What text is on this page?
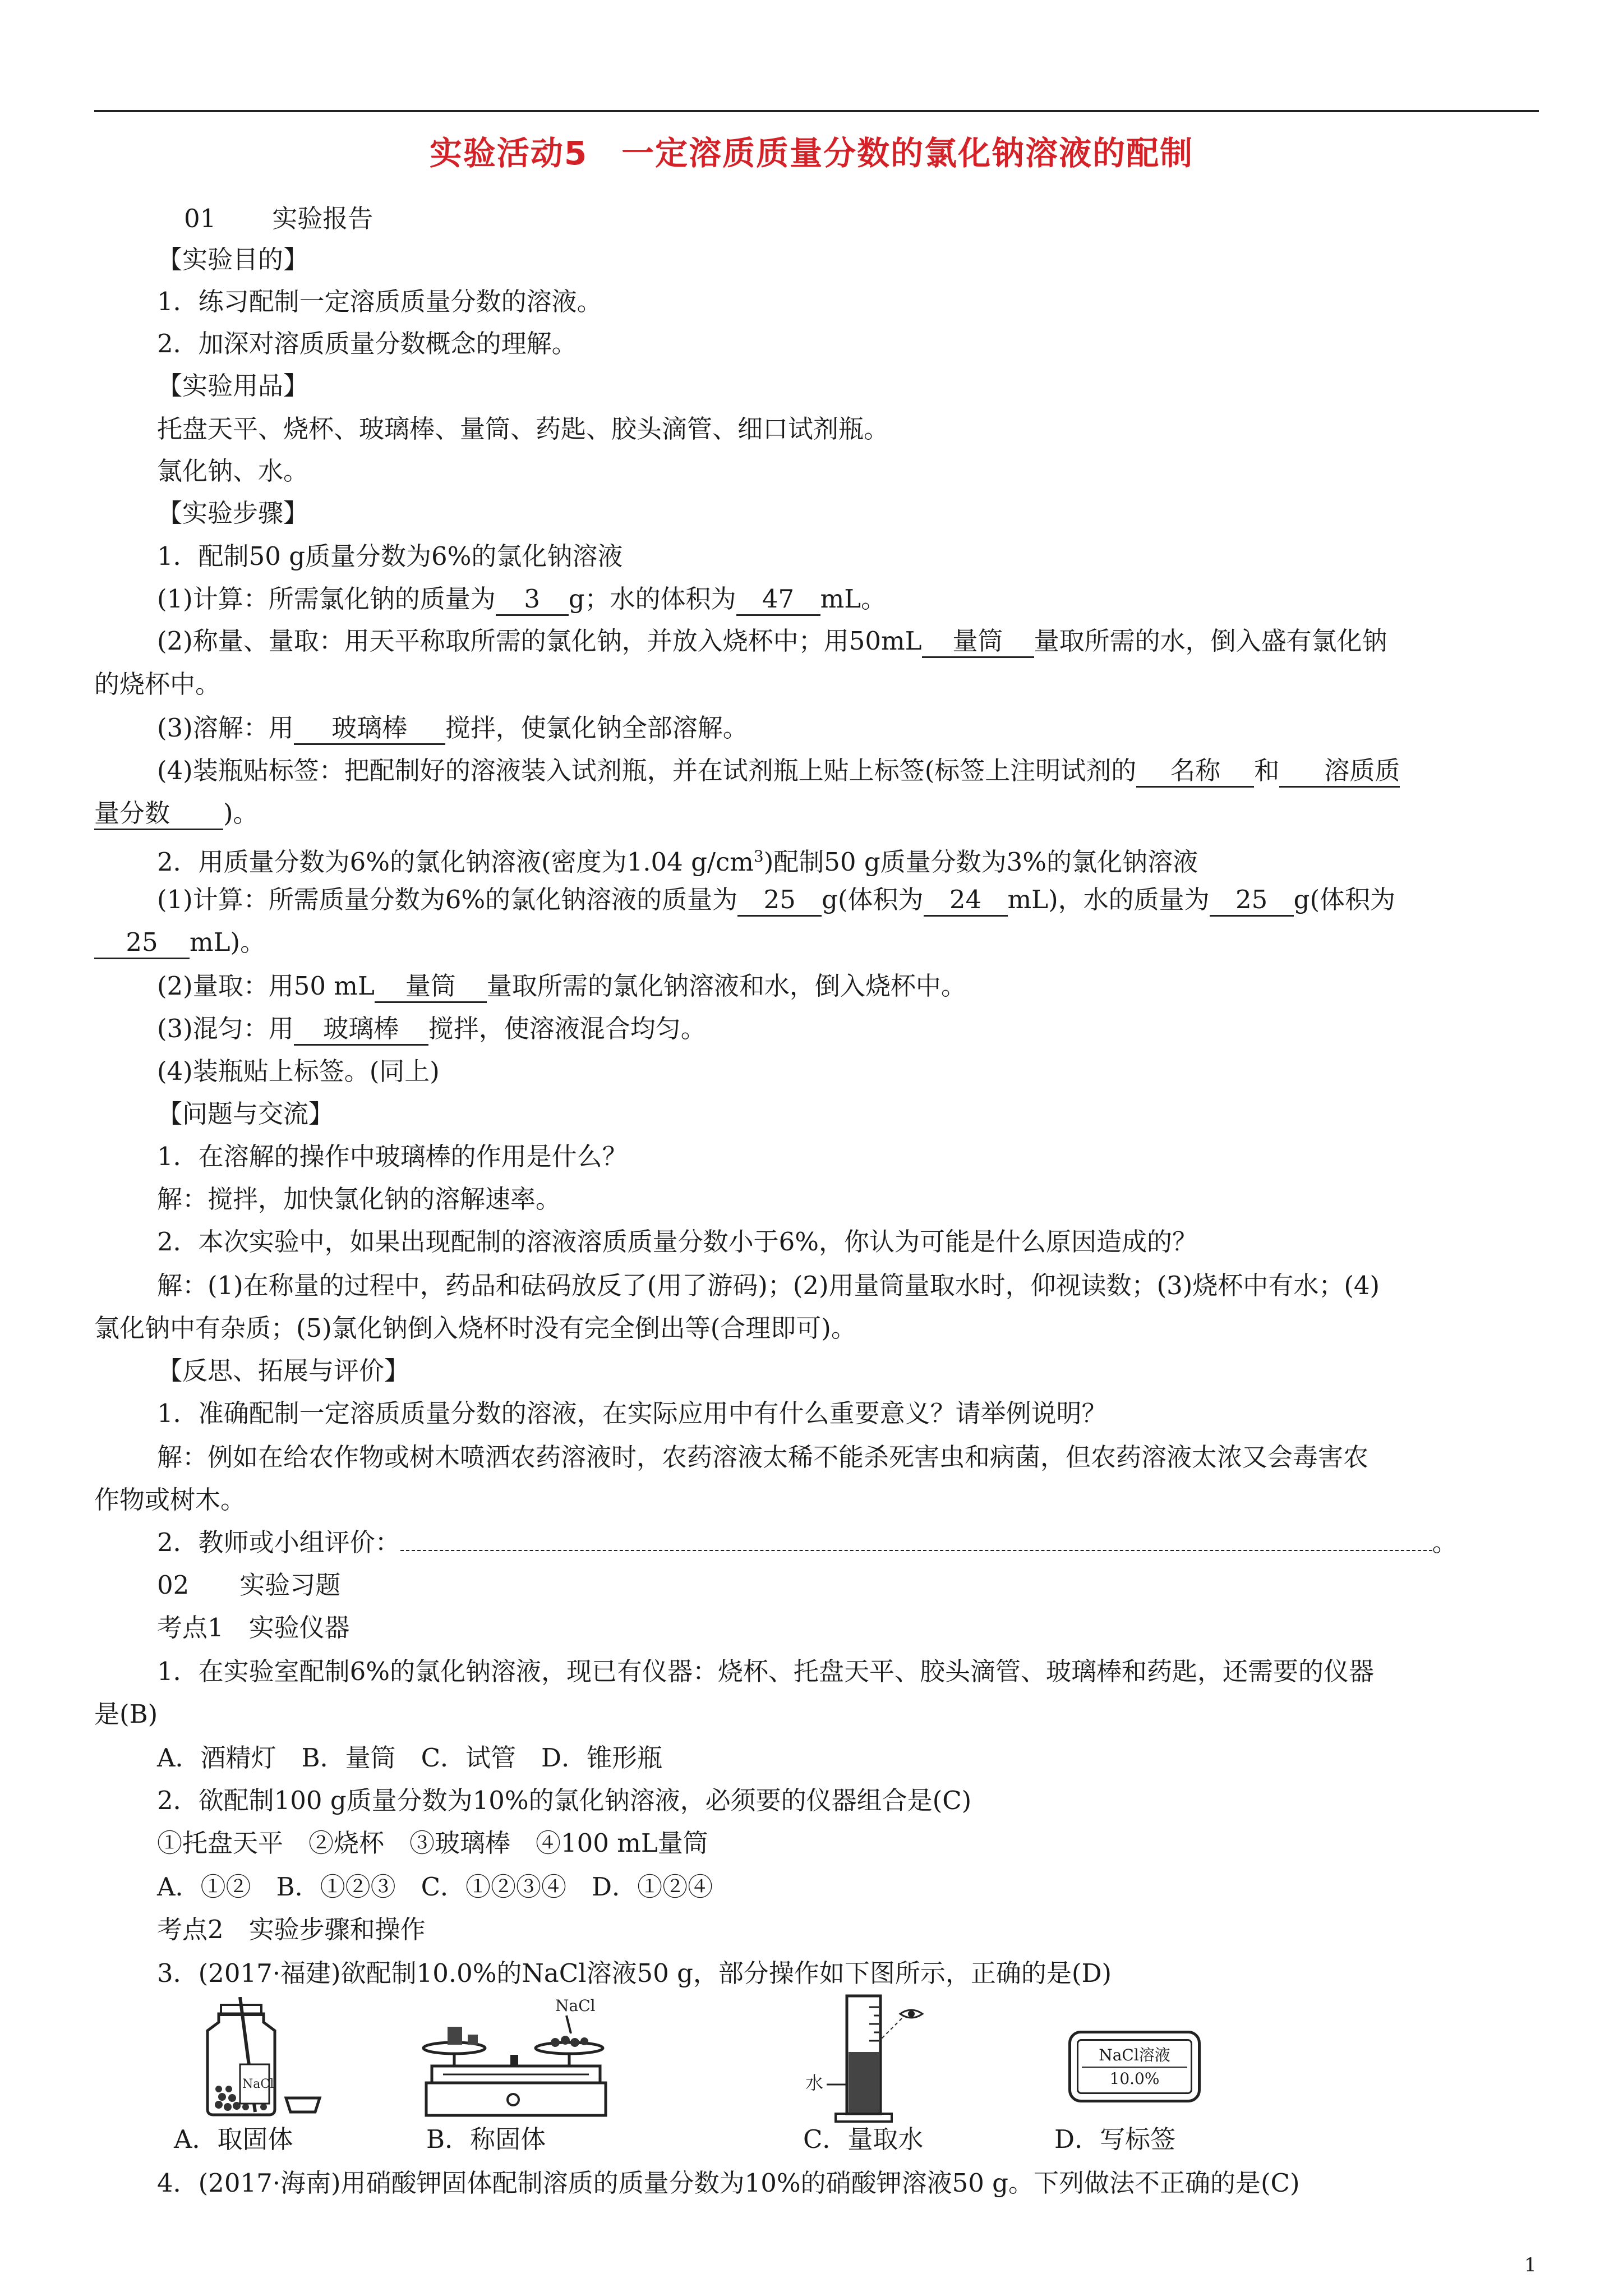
实验活动5　一定溶质质量分数的氯化钠溶液的配制
01 实验报告
【实验目的】
1．练习配制一定溶质质量分数的溶液。
2．加深对溶质质量分数概念的理解。
【实验用品】
托盘天平、烧杯、玻璃棒、量筒、药匙、胶头滴管、细口试剂瓶。
氯化钠、水。
【实验步骤】
1．配制50 g质量分数为6%的氯化钠溶液
(1)计算：所需氯化钠的质量为 3 g；水的体积为 47 mL。
(2)称量、量取：用天平称取所需的氯化钠，并放入烧杯中；用50mL 量筒 量取所需的水，倒入盛有氯化钠
的烧杯中。
(3)溶解：用 玻璃棒 搅拌，使氯化钠全部溶解。
(4)装瓶贴标签：把配制好的溶液装入试剂瓶，并在试剂瓶上贴上标签(标签上注明试剂的 名称 和 溶质质
量分数 )。
2．用质量分数为6%的氯化钠溶液(密度为1.04 $g/cm^3$)配制50 g质量分数为3%的氯化钠溶液
(1)计算：所需质量分数为6%的氯化钠溶液的质量为 25 g(体积为 24 mL)，水的质量为 25 g(体积为
25 mL)。
(2)量取：用50 mL 量筒 量取所需的氯化钠溶液和水，倒入烧杯中。
(3)混匀：用 玻璃棒 搅拌，使溶液混合均匀。
(4)装瓶贴上标签。(同上)
【问题与交流】
1．在溶解的操作中玻璃棒的作用是什么？
解：搅拌，加快氯化钠的溶解速率。
2．本次实验中，如果出现配制的溶液溶质质量分数小于6%，你认为可能是什么原因造成的？
解：(1)在称量的过程中，药品和砝码放反了(用了游码)；(2)用量筒量取水时，仰视读数；(3)烧杯中有水；(4)
氯化钠中有杂质；(5)氯化钠倒入烧杯时没有完全倒出等(合理即可)。
【反思、拓展与评价】
1．准确配制一定溶质质量分数的溶液，在实际应用中有什么重要意义？请举例说明？
解：例如在给农作物或树木喷洒农药溶液时，农药溶液太稀不能杀死害虫和病菌，但农药溶液太浓又会毒害农
作物或树木。
2．教师或小组评价：	。
02 实验习题
考点1　实验仪器
1．在实验室配制6%的氯化钠溶液，现已有仪器：烧杯、托盘天平、胶头滴管、玻璃棒和药匙，还需要的仪器
是(B)
A．酒精灯　B．量筒　C．试管　D．锥形瓶
2．欲配制100 g质量分数为10%的氯化钠溶液，必须要的仪器组合是(C)
①托盘天平　②烧杯　③玻璃棒　④100 mL量筒
A．①②　B．①②③　C．①②③④　D．①②④
考点2　实验步骤和操作
3．(2017·福建)欲配制10.0%的NaCl溶液50 g，部分操作如下图所示，正确的是(D)
NaCl
A．取固体
NaCl
B．称固体
水
C．量取水
NaCl溶液
10.0%
D．写标签
4．(2017·海南)用硝酸钾固体配制溶质的质量分数为10%的硝酸钾溶液50 g。下列做法不正确的是(C)
1
